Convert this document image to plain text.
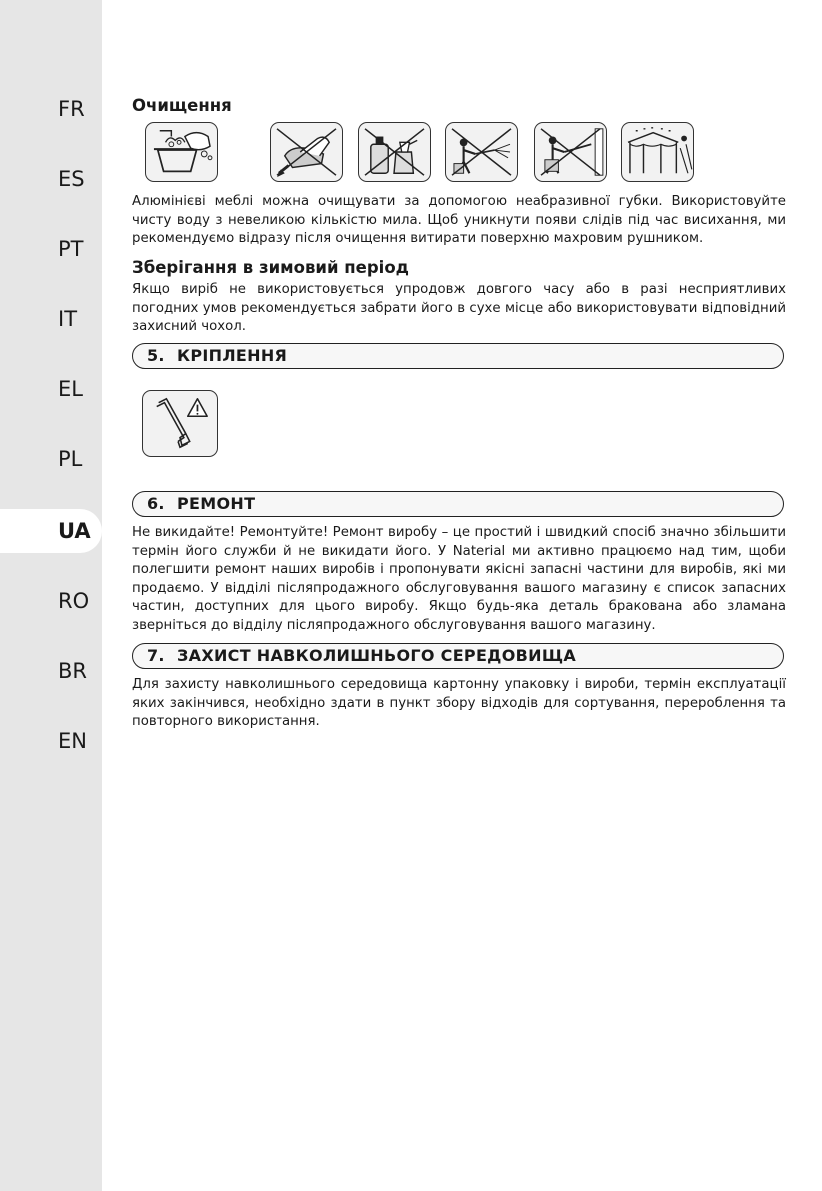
FR
ES
PT
IT
EL
PL
UA
RO
BR
EN
Очищення

Алюмінієві меблі можна очищувати за допомогою неабразивної губки. Використовуйте чисту воду з невеликою кількістю мила. Щоб уникнути появи слідів під час висихання, ми рекомендуємо відразу після очищення витирати поверхню махровим рушником.

Зберігання в зимовий період

Якщо виріб не використовується упродовж довгого часу або в разі несприятливих погодних умов рекомендується забрати його в сухе місце або використовувати відповідний захисний чохол.

5. КРІПЛЕННЯ
6. РЕМОНТ

Не викидайте! Ремонтуйте! Ремонт виробу – це простий і швидкий спосіб значно збільшити термін його служби й не викидати його. У Naterial ми активно працюємо над тим, щоби полегшити ремонт наших виробів і пропонувати якісні запасні частини для виробів, які ми продаємо. У відділі післяпродажного обслуговування вашого магазину є список запасних частин, доступних для цього виробу. Якщо будь-яка деталь бракована або зламана зверніться до відділу післяпродажного обслуговування вашого магазину.

7. ЗАХИСТ НАВКОЛИШНЬОГО СЕРЕДОВИЩА

Для захисту навколишнього середовища картонну упаковку і вироби, термін експлуатації яких закінчився, необхідно здати в пункт збору відходів для сортування, перероблення та повторного використання.
